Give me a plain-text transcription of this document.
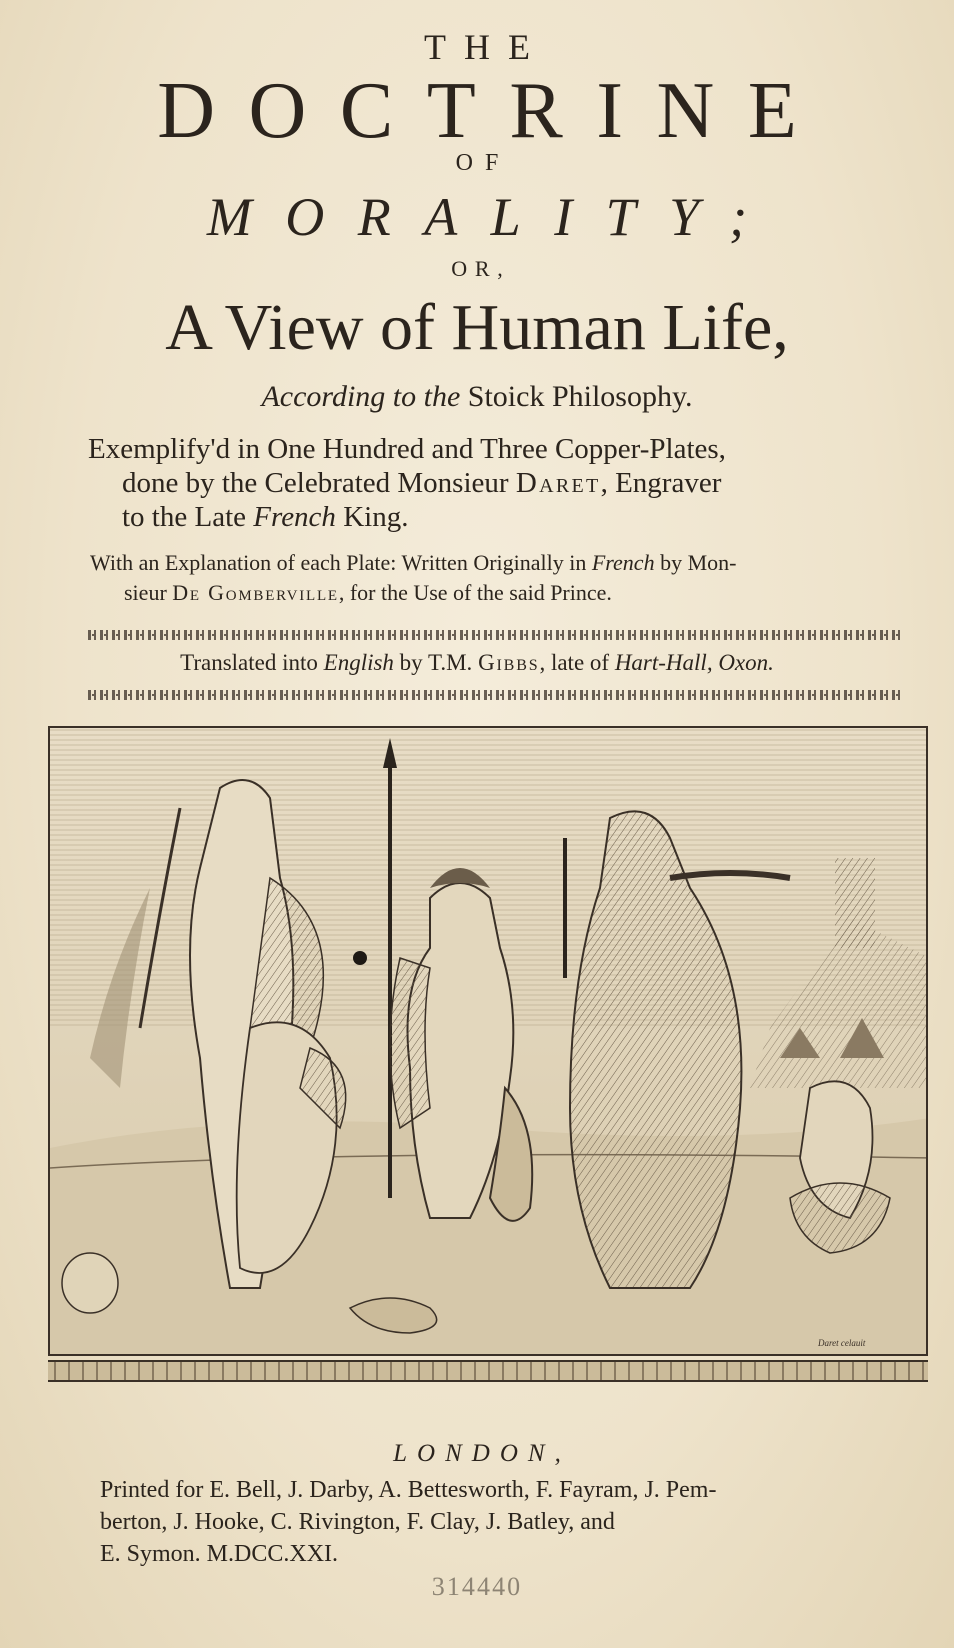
THE
DOCTRINE
OF
MORALITY;
OR,
A View of Human Life,
According to the Stoick Philosophy.
Exemplify'd in One Hundred and Three Copper-Plates,
done by the Celebrated Monsieur Daret, Engraver
to the Late French King.
With an Explanation of each Plate: Written Originally in French by Mon-
sieur De Gomberville, for the Use of the said Prince.
Translated into English by T.M. Gibbs, late of Hart-Hall, Oxon.
Daret celauit
LONDON,
Printed for E. Bell, J. Darby, A. Bettesworth, F. Fayram, J. Pem-
berton, J. Hooke, C. Rivington, F. Clay, J. Batley, and
E. Symon. M.DCC.XXI.
314440
